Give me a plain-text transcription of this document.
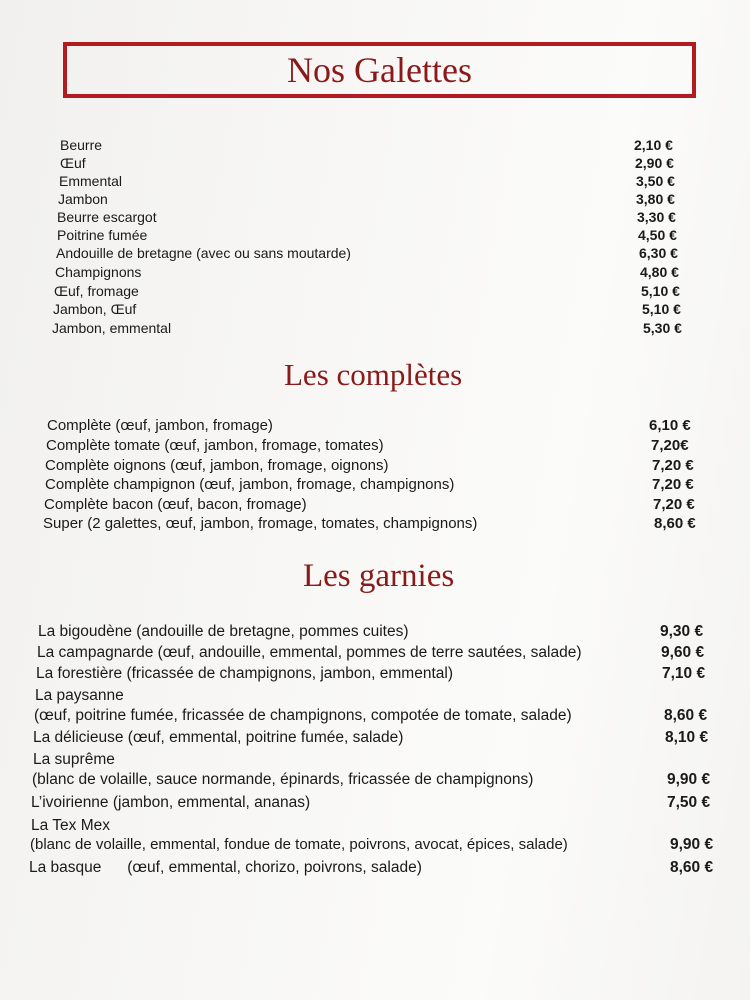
Nos Galettes
Beurre	2,10 €
Œuf	2,90 €
Emmental	3,50 €
Jambon	3,80 €
Beurre escargot	3,30 €
Poitrine fumée	4,50 €
Andouille de bretagne (avec ou sans moutarde)	6,30 €
Champignons	4,80 €
Œuf, fromage	5,10 €
Jambon, Œuf	5,10 €
Jambon, emmental	5,30 €
Les complètes
Complète (œuf, jambon, fromage)	6,10 €
Complète tomate (œuf, jambon, fromage, tomates)	7,20€
Complète oignons (œuf, jambon, fromage, oignons)	7,20 €
Complète champignon (œuf, jambon, fromage, champignons)	7,20 €
Complète bacon (œuf, bacon, fromage)	7,20 €
Super (2 galettes, œuf, jambon, fromage, tomates, champignons)	8,60 €
Les garnies
La bigoudène (andouille de bretagne, pommes cuites)	9,30 €
La campagnarde (œuf, andouille, emmental, pommes de terre sautées, salade)	9,60 €
La forestière (fricassée de champignons, jambon, emmental)	7,10 €
La paysanne
(œuf, poitrine fumée, fricassée de champignons, compotée de tomate, salade)	8,60 €
La délicieuse (œuf, emmental, poitrine fumée, salade)	8,10 €
La suprême
(blanc de volaille, sauce normande, épinards, fricassée de champignons)	9,90 €
L’ivoirienne (jambon, emmental, ananas)	7,50 €
La Tex Mex
(blanc de volaille, emmental, fondue de tomate, poivrons, avocat, épices, salade)	9,90 €
La basque      (œuf, emmental, chorizo, poivrons, salade)	8,60 €
